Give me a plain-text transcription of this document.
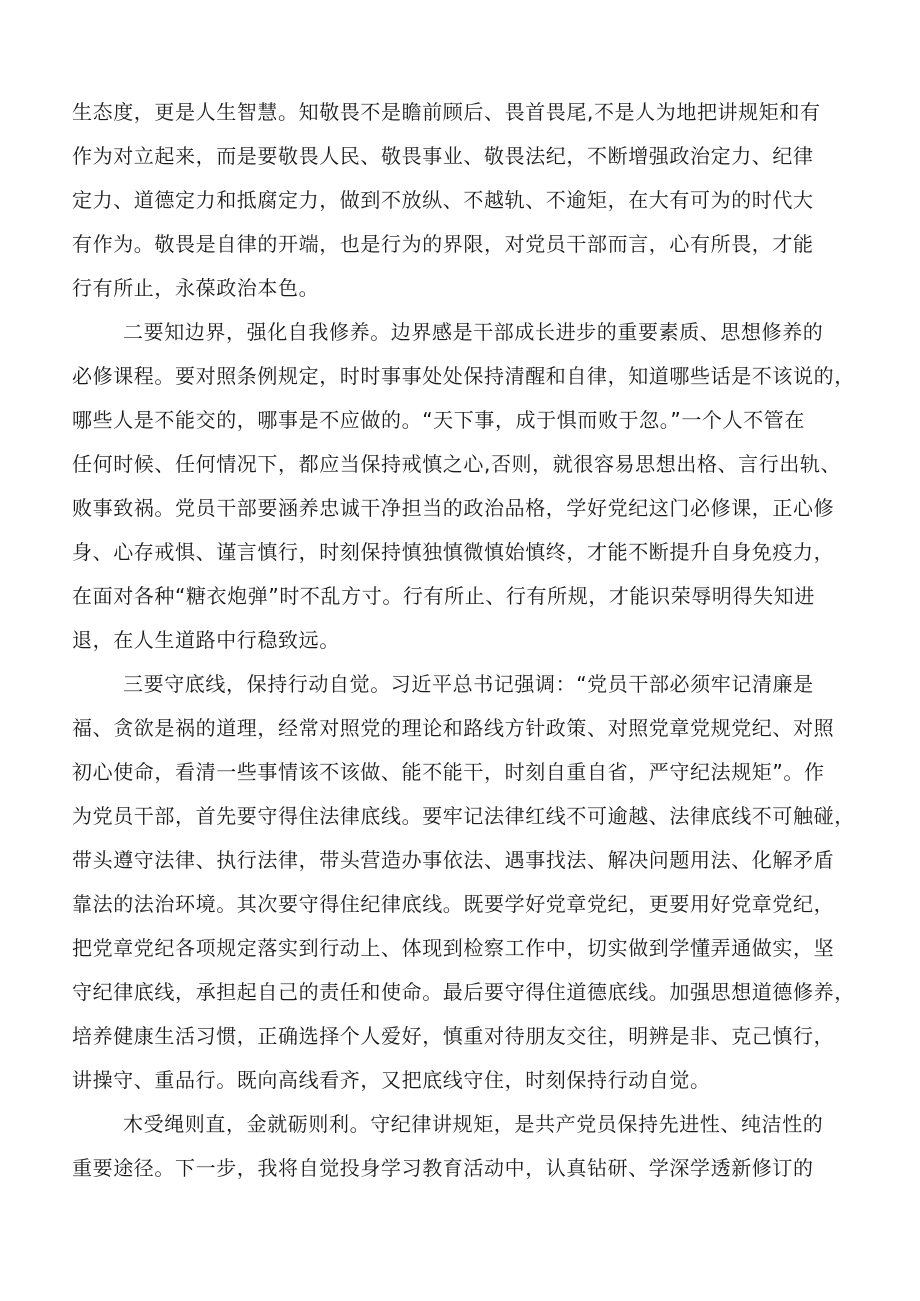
生态度，更是人生智慧。知敬畏不是瞻前顾后、畏首畏尾,不是人为地把讲规矩和有
作为对立起来，而是要敬畏人民、敬畏事业、敬畏法纪，不断增强政治定力、纪律
定力、道德定力和抵腐定力，做到不放纵、不越轨、不逾矩，在大有可为的时代大
有作为。敬畏是自律的开端，也是行为的界限，对党员干部而言，心有所畏，才能
行有所止，永葆政治本色。
二要知边界，强化自我修养。边界感是干部成长进步的重要素质、思想修养的
必修课程。要对照条例规定，时时事事处处保持清醒和自律，知道哪些话是不该说的，
哪些人是不能交的，哪事是不应做的。“天下事，成于惧而败于忽。”一个人不管在
任何时候、任何情况下，都应当保持戒慎之心,否则，就很容易思想出格、言行出轨、
败事致祸。党员干部要涵养忠诚干净担当的政治品格，学好党纪这门必修课，正心修
身、心存戒惧、谨言慎行，时刻保持慎独慎微慎始慎终，才能不断提升自身免疫力，
在面对各种“糖衣炮弹”时不乱方寸。行有所止、行有所规，才能识荣辱明得失知进
退，在人生道路中行稳致远。
三要守底线，保持行动自觉。习近平总书记强调：“党员干部必须牢记清廉是
福、贪欲是祸的道理，经常对照党的理论和路线方针政策、对照党章党规党纪、对照
初心使命，看清一些事情该不该做、能不能干，时刻自重自省，严守纪法规矩”。作
为党员干部，首先要守得住法律底线。要牢记法律红线不可逾越、法律底线不可触碰，
带头遵守法律、执行法律，带头营造办事依法、遇事找法、解决问题用法、化解矛盾
靠法的法治环境。其次要守得住纪律底线。既要学好党章党纪，更要用好党章党纪，
把党章党纪各项规定落实到行动上、体现到检察工作中，切实做到学懂弄通做实，坚
守纪律底线，承担起自己的责任和使命。最后要守得住道德底线。加强思想道德修养，
培养健康生活习惯，正确选择个人爱好，慎重对待朋友交往，明辨是非、克己慎行，
讲操守、重品行。既向高线看齐，又把底线守住，时刻保持行动自觉。
木受绳则直，金就砺则利。守纪律讲规矩，是共产党员保持先进性、纯洁性的
重要途径。下一步，我将自觉投身学习教育活动中，认真钻研、学深学透新修订的
